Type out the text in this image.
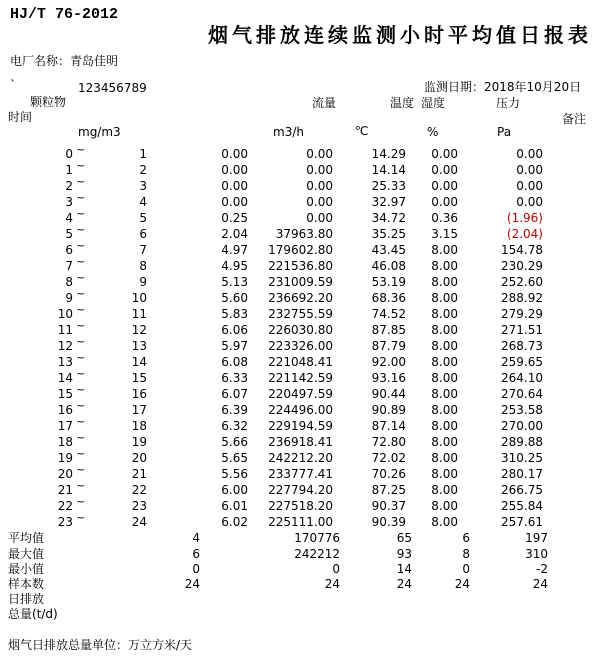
HJ/T 76-2012
烟气排放连续监测小时平均值日报表
电厂名称：青岛佳明
`	123456789	监测日期：2018年10月20日
颗粒物	流量	温度 湿度	压力
时间	备注
mg/m3	m3/h	℃	%	Pa
0 ~	1	0.00	0.00	14.29 0.00	0.00
1 ~	2	0.00	0.00	14.14 0.00	0.00
2 ~	3	0.00	0.00	25.33 0.00	0.00
3 ~	4	0.00	0.00	32.97 0.00	0.00
4 ~	5	0.25	0.00	34.72 0.36	(1.96)
5 ~	6	2.04 37963.80	35.25 3.15	(2.04)
6 ~	7	4.97 179602.80	43.45 8.00	154.78
7 ~	8	4.95 221536.80	46.08 8.00	230.29
8 ~	9	5.13 231009.59	53.19 8.00	252.60
9 ~	10	5.60 236692.20	68.36 8.00	288.92
10 ~	11	5.83 232755.59	74.52 8.00	279.29
11 ~	12	6.06 226030.80	87.85 8.00	271.51
12 ~	13	5.97 223326.00	87.79 8.00	268.73
13 ~	14	6.08 221048.41	92.00 8.00	259.65
14 ~	15	6.33 221142.59	93.16 8.00	264.10
15 ~	16	6.07 220497.59	90.44 8.00	270.64
16 ~	17	6.39 224496.00	90.89 8.00	253.58
17 ~	18	6.32 229194.59	87.14 8.00	270.00
18 ~	19	5.66 236918.41	72.80 8.00	289.88
19 ~	20	5.65 242212.20	72.02 8.00	310.25
20 ~	21	5.56 233777.41	70.26 8.00	280.17
21 ~	22	6.00 227794.20	87.25 8.00	266.75
22 ~	23	6.01 227518.20	90.37 8.00	255.84
23 ~	24	6.02 225111.00	90.39 8.00	257.61
平均值	4	170776	65	6	197
最大值	6	242212	93	8	310
最小值	0	0	14	0	-2
样本数	24	24	24	24	24
日排放
总量(t/d)
烟气日排放总量单位：万立方米/天
